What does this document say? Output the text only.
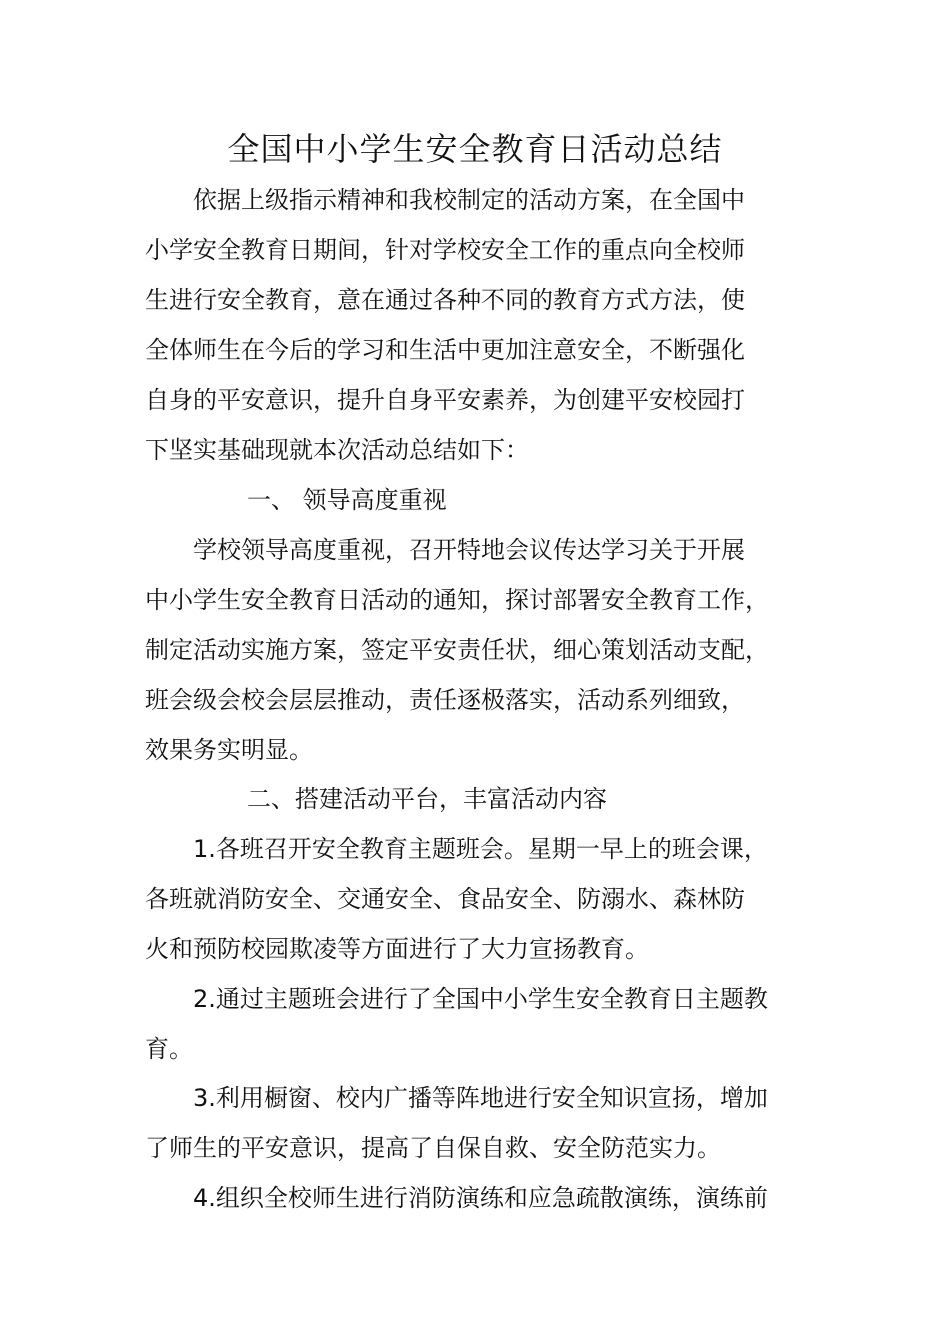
全国中小学生安全教育日活动总结
依据上级指示精神和我校制定的活动方案，在全国中
小学安全教育日期间，针对学校安全工作的重点向全校师
生进行安全教育，意在通过各种不同的教育方式方法，使
全体师生在今后的学习和生活中更加注意安全，不断强化
自身的平安意识，提升自身平安素养，为创建平安校园打
下坚实基础现就本次活动总结如下：
一、 领导高度重视
学校领导高度重视，召开特地会议传达学习关于开展
中小学生安全教育日活动的通知，探讨部署安全教育工作，
制定活动实施方案，签定平安责任状，细心策划活动支配，
班会级会校会层层推动，责任逐极落实，活动系列细致，
效果务实明显。
二、搭建活动平台，丰富活动内容
1.各班召开安全教育主题班会。星期一早上的班会课，
各班就消防安全、交通安全、食品安全、防溺水、森林防
火和预防校园欺凌等方面进行了大力宣扬教育。
2.通过主题班会进行了全国中小学生安全教育日主题教
育。
3.利用橱窗、校内广播等阵地进行安全知识宣扬，增加
了师生的平安意识，提高了自保自救、安全防范实力。
4.组织全校师生进行消防演练和应急疏散演练，演练前
